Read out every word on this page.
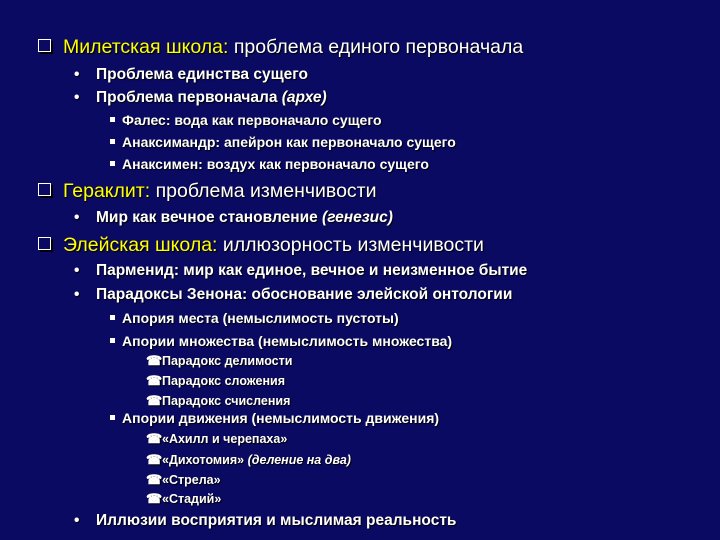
Милетская школа: проблема единого первоначала
• Проблема единства сущего
• Проблема первоначала (архе)
Фалес: вода как первоначало сущего
Анаксимандр: апейрон как первоначало сущего
Анаксимен: воздух как первоначало сущего
Гераклит: проблема изменчивости
• Мир как вечное становление (генезис)
Элейская школа: иллюзорность изменчивости
• Парменид: мир как единое, вечное и неизменное бытие
• Парадоксы Зенона: обоснование элейской онтологии
Апория места (немыслимость пустоты)
Апории множества (немыслимость множества)
☎Парадокс делимости
☎Парадокс сложения
☎Парадокс счисления
Апории движения (немыслимость движения)
☎«Ахилл и черепаха»
☎«Дихотомия» (деление на два)
☎«Стрела»
☎«Стадий»
• Иллюзии восприятия и мыслимая реальность
